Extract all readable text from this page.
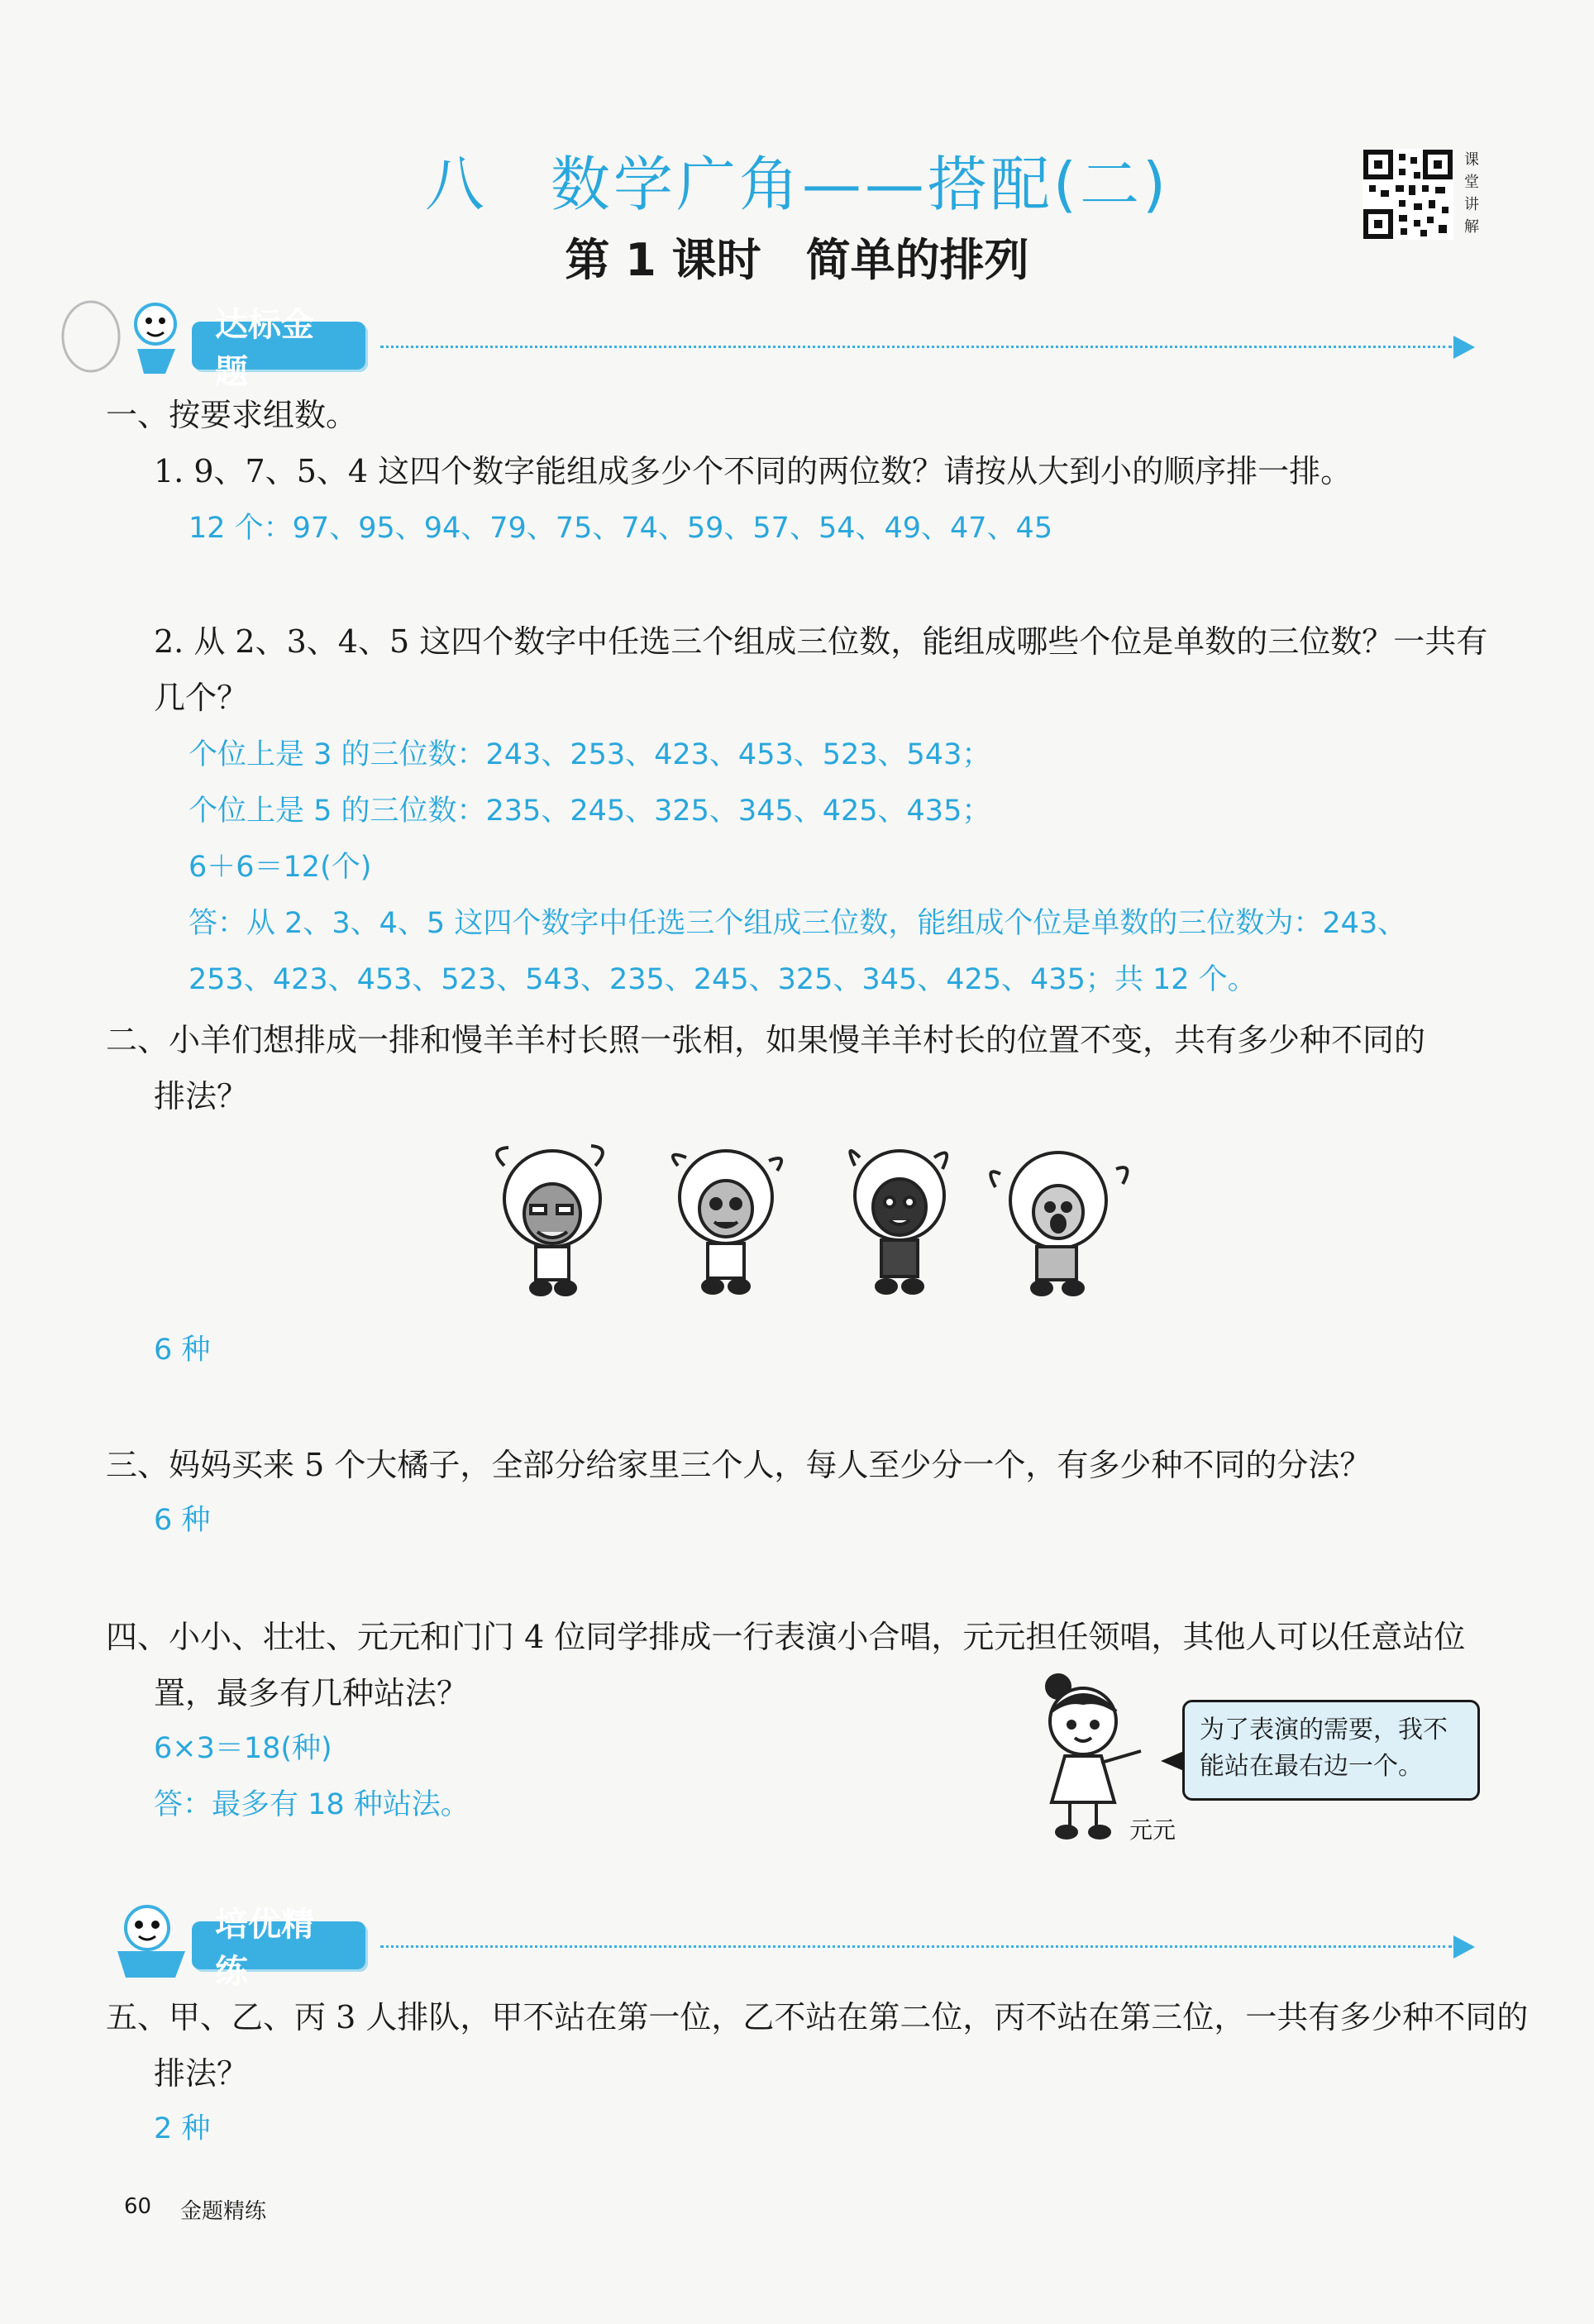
八　数学广角——搭配(二)
第 1 课时　简单的排列
课
堂
讲
解
达标金题
一、按要求组数。
1. 9、7、5、4 这四个数字能组成多少个不同的两位数？请按从大到小的顺序排一排。
12 个：97、95、94、79、75、74、59、57、54、49、47、45
2. 从 2、3、4、5 这四个数字中任选三个组成三位数，能组成哪些个位是单数的三位数？一共有
几个？
个位上是 3 的三位数：243、253、423、453、523、543；
个位上是 5 的三位数：235、245、325、345、425、435；
6＋6＝12(个)
答：从 2、3、4、5 这四个数字中任选三个组成三位数，能组成个位是单数的三位数为：243、
253、423、453、523、543、235、245、325、345、425、435；共 12 个。
二、小羊们想排成一排和慢羊羊村长照一张相，如果慢羊羊村长的位置不变，共有多少种不同的
排法？
6 种
三、妈妈买来 5 个大橘子，全部分给家里三个人，每人至少分一个，有多少种不同的分法？
6 种
四、小小、壮壮、元元和门门 4 位同学排成一行表演小合唱，元元担任领唱，其他人可以任意站位
置，最多有几种站法？
6×3＝18(种)
答：最多有 18 种站法。
元元
为了表演的需要，我不
能站在最右边一个。
培优精练
五、甲、乙、丙 3 人排队，甲不站在第一位，乙不站在第二位，丙不站在第三位，一共有多少种不同的
排法？
2 种
60 金题精练
